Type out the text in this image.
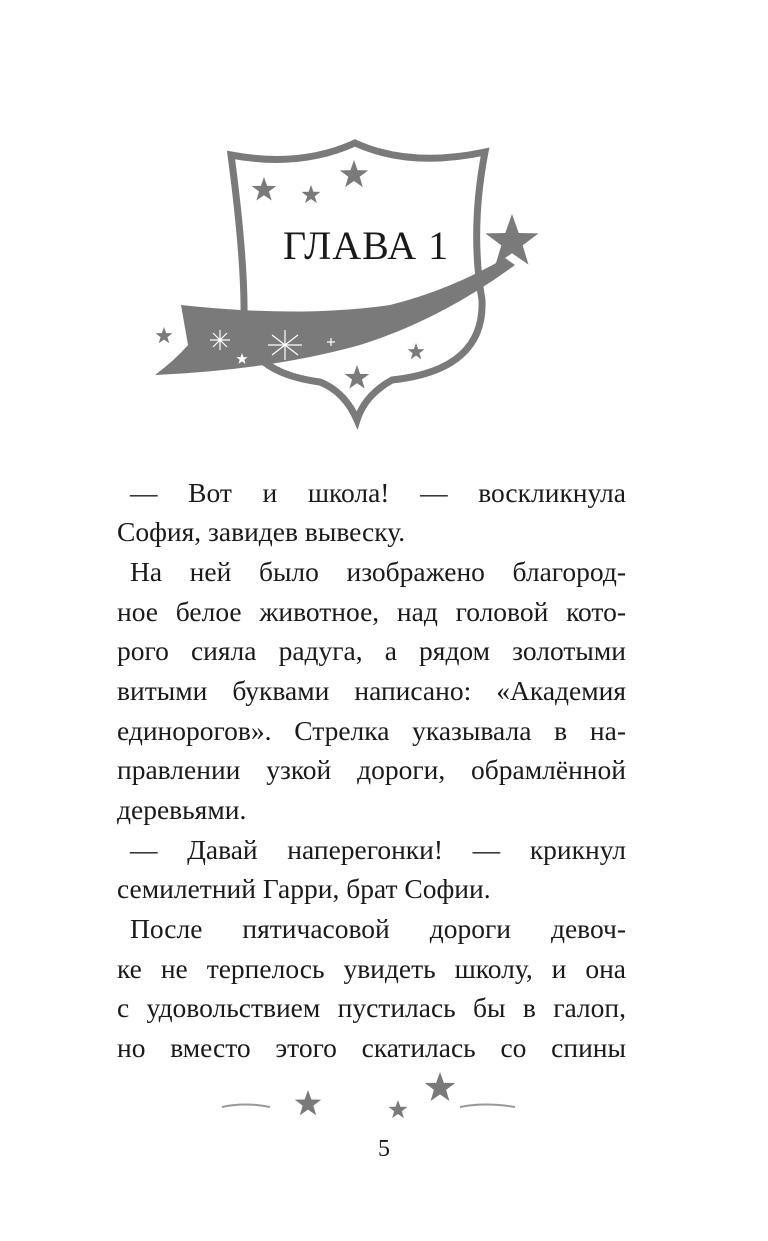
ГЛАВА 1
— Вот и школа! — воскликнула
София, завидев вывеску.
На ней было изображено благород-
ное белое животное, над головой кото-
рого сияла радуга, а рядом золотыми
витыми буквами написано: «Академия
единорогов». Стрелка указывала в на-
правлении узкой дороги, обрамлённой
деревьями.
— Давай наперегонки! — крикнул
семилетний Гарри, брат Софии.
После пятичасовой дороги девоч-
ке не терпелось увидеть школу, и она
с удовольствием пустилась бы в галоп,
но вместо этого скатилась со спины
5
